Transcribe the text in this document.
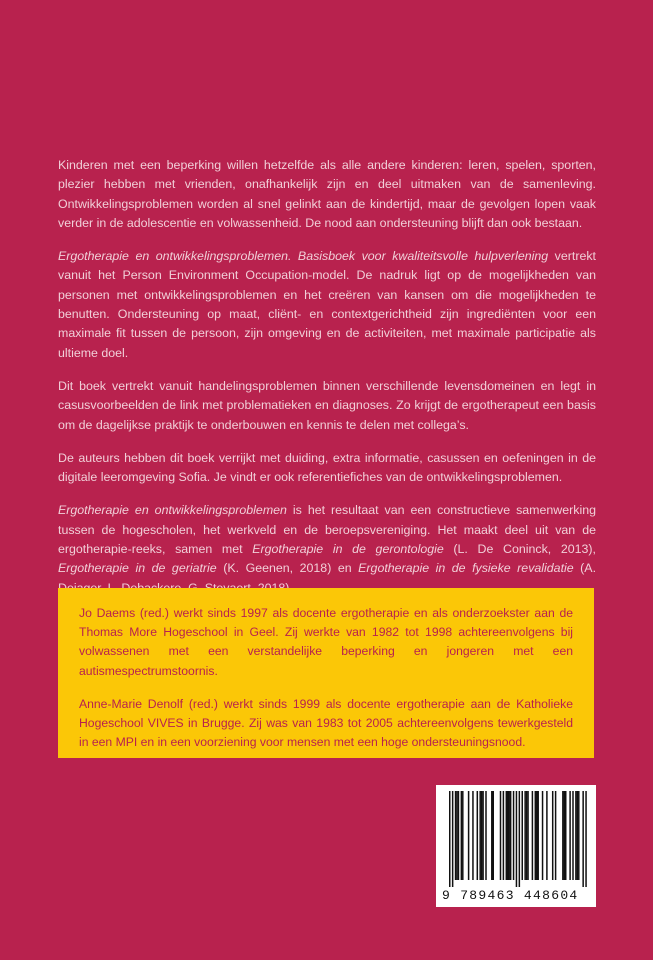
Kinderen met een beperking willen hetzelfde als alle andere kinderen: leren, spelen, sporten, plezier hebben met vrienden, onafhankelijk zijn en deel uitmaken van de samenleving. Ontwikkelingsproblemen worden al snel gelinkt aan de kindertijd, maar de gevolgen lopen vaak verder in de adolescentie en volwassenheid. De nood aan ondersteuning blijft dan ook bestaan.

Ergotherapie en ontwikkelingsproblemen. Basisboek voor kwaliteitsvolle hulpverlening vertrekt vanuit het Person Environment Occupation-model. De nadruk ligt op de mogelijkheden van personen met ontwikkelingsproblemen en het creëren van kansen om die mogelijkheden te benutten. Ondersteuning op maat, cliënt- en contextgerichtheid zijn ingrediënten voor een maximale fit tussen de persoon, zijn omgeving en de activiteiten, met maximale participatie als ultieme doel.

Dit boek vertrekt vanuit handelingsproblemen binnen verschillende levensdomeinen en legt in casusvoorbeelden de link met problematieken en diagnoses. Zo krijgt de ergotherapeut een basis om de dagelijkse praktijk te onderbouwen en kennis te delen met collega’s.

De auteurs hebben dit boek verrijkt met duiding, extra informatie, casussen en oefeningen in de digitale leeromgeving Sofia. Je vindt er ook referentiefiches van de ontwikkelingsproblemen.

Ergotherapie en ontwikkelingsproblemen is het resultaat van een constructieve samenwerking tussen de hogescholen, het werkveld en de beroepsvereniging. Het maakt deel uit van de ergotherapie-reeks, samen met Ergotherapie in de gerontologie (L. De Coninck, 2013), Ergotherapie in de geriatrie (K. Geenen, 2018) en Ergotherapie in de fysieke revalidatie (A.

Jo Daems (red.) werkt sinds 1997 als docente ergotherapie en als onderzoekster aan de Thomas More Hogeschool in Geel. Zij werkte van 1982 tot 1998 achtereenvolgens bij volwassenen met een verstandelijke beperking en jongeren met een autismespectrumstoornis.

Anne-Marie Denolf (red.) werkt sinds 1999 als docente ergotherapie aan de Katholieke Hogeschool VIVES in Brugge. Zij was van 1983 tot 2005 achtereenvolgens tewerkgesteld in een MPI en in een voorziening voor mensen met een hoge ondersteuningsnood.

9 789463 448604
